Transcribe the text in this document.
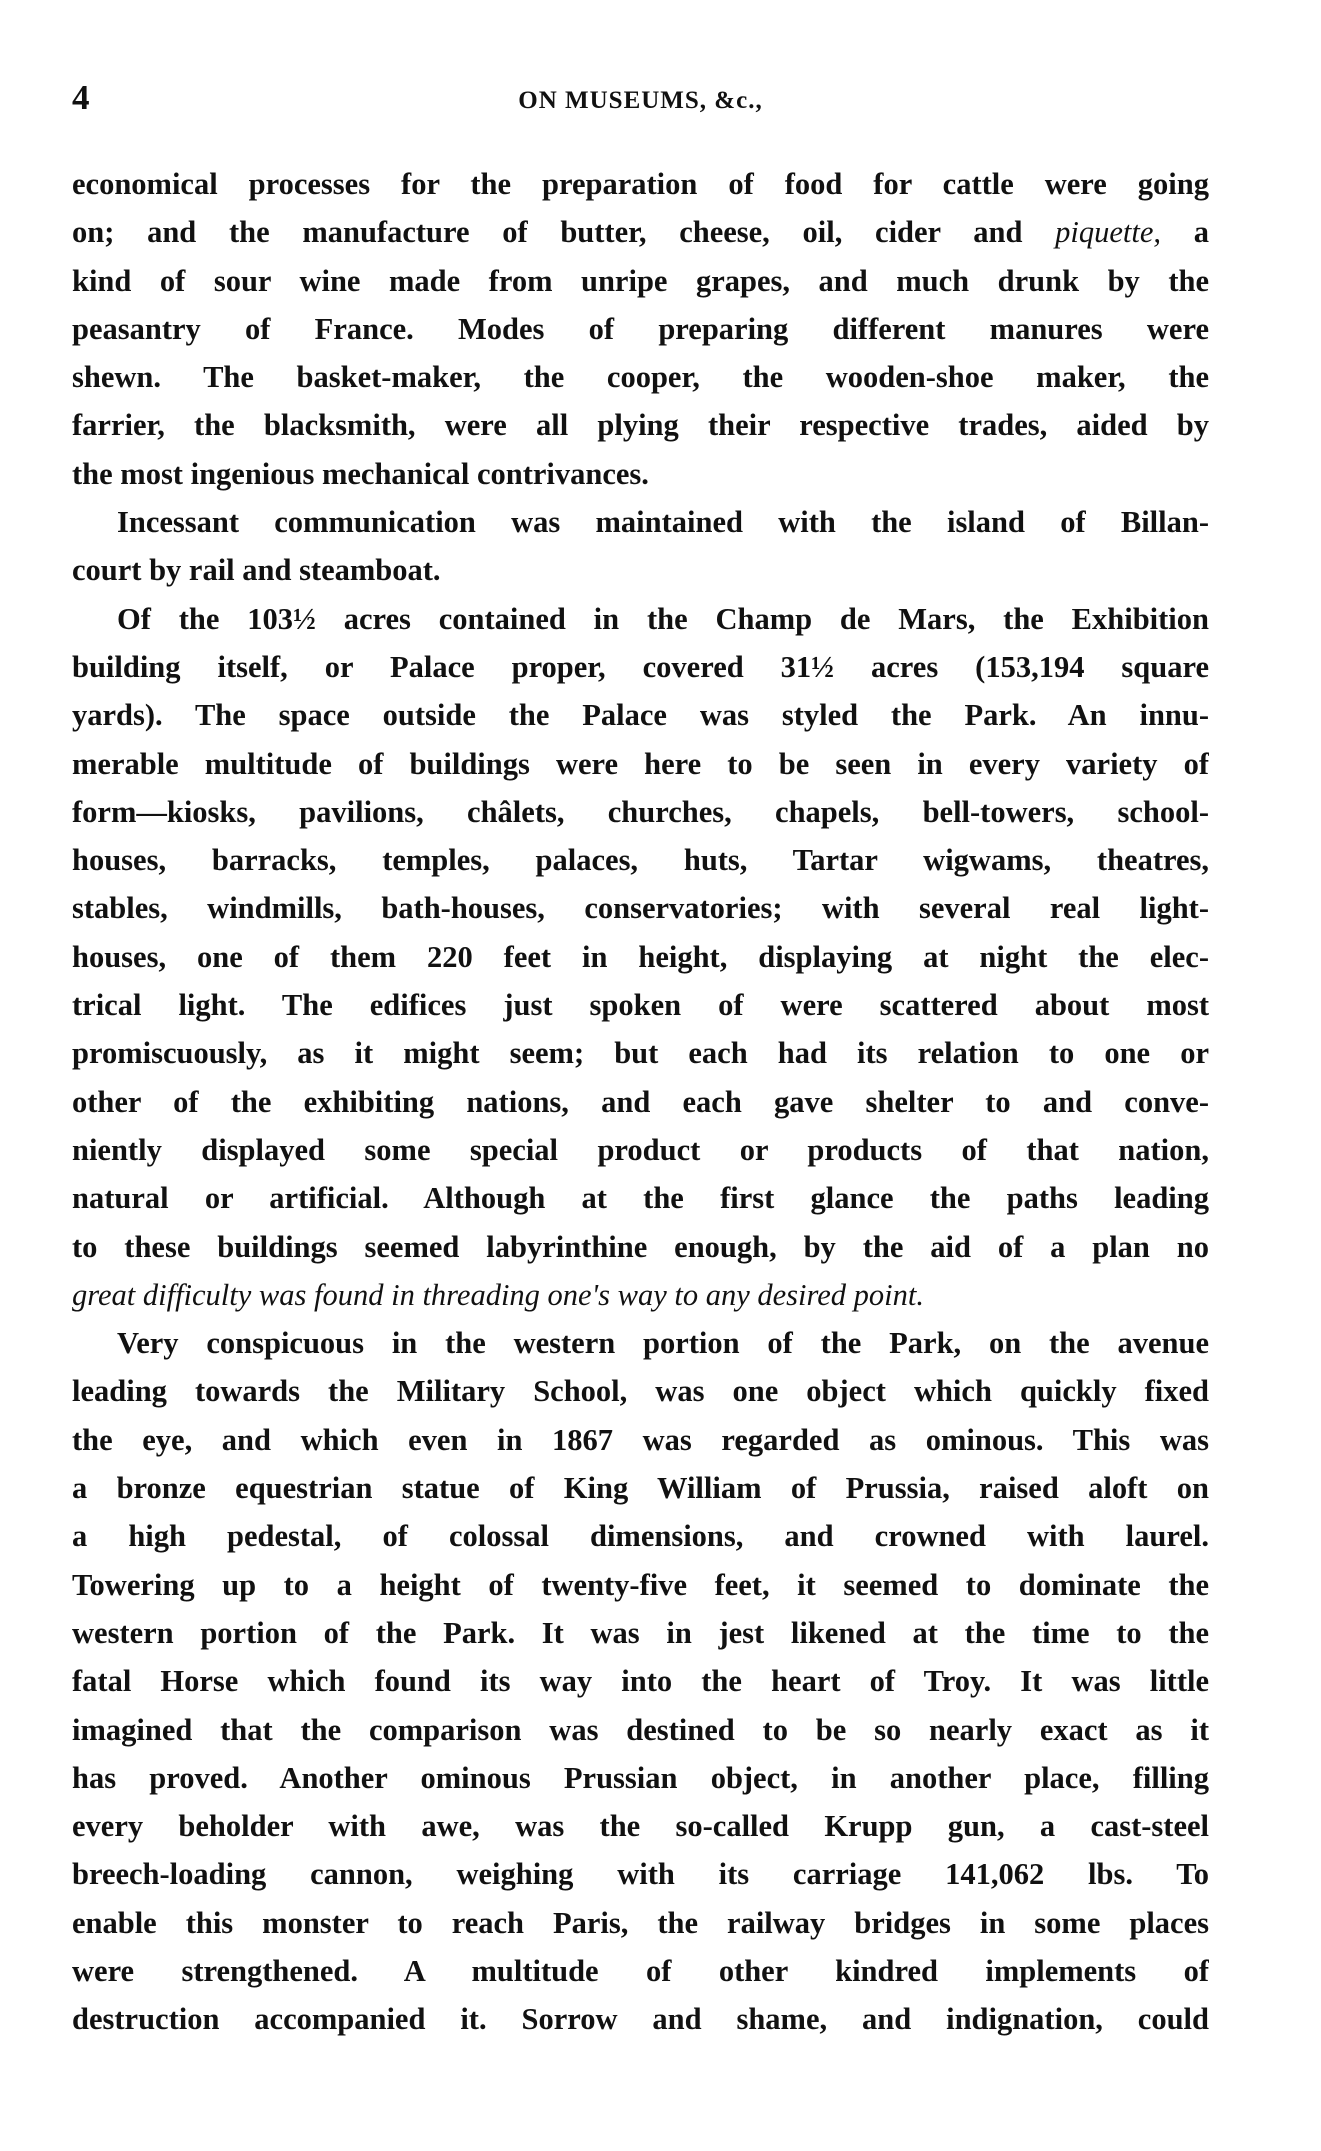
4	ON MUSEUMS, &c.,
economical processes for the preparation of food for cattle were going
on; and the manufacture of butter, cheese, oil, cider and piquette, a
kind of sour wine made from unripe grapes, and much drunk by the
peasantry of France. Modes of preparing different manures were
shewn. The basket-maker, the cooper, the wooden-shoe maker, the
farrier, the blacksmith, were all plying their respective trades, aided by
the most ingenious mechanical contrivances.
Incessant communication was maintained with the island of Billan-
court by rail and steamboat.
Of the 103½ acres contained in the Champ de Mars, the Exhibition
building itself, or Palace proper, covered 31½ acres (153,194 square
yards). The space outside the Palace was styled the Park. An innu-
merable multitude of buildings were here to be seen in every variety of
form—kiosks, pavilions, châlets, churches, chapels, bell-towers, school-
houses, barracks, temples, palaces, huts, Tartar wigwams, theatres,
stables, windmills, bath-houses, conservatories; with several real light-
houses, one of them 220 feet in height, displaying at night the elec-
trical light. The edifices just spoken of were scattered about most
promiscuously, as it might seem; but each had its relation to one or
other of the exhibiting nations, and each gave shelter to and conve-
niently displayed some special product or products of that nation,
natural or artificial. Although at the first glance the paths leading
to these buildings seemed labyrinthine enough, by the aid of a plan no
great difficulty was found in threading one's way to any desired point.
Very conspicuous in the western portion of the Park, on the avenue
leading towards the Military School, was one object which quickly fixed
the eye, and which even in 1867 was regarded as ominous. This was
a bronze equestrian statue of King William of Prussia, raised aloft on
a high pedestal, of colossal dimensions, and crowned with laurel.
Towering up to a height of twenty-five feet, it seemed to dominate the
western portion of the Park. It was in jest likened at the time to the
fatal Horse which found its way into the heart of Troy. It was little
imagined that the comparison was destined to be so nearly exact as it
has proved. Another ominous Prussian object, in another place, filling
every beholder with awe, was the so-called Krupp gun, a cast-steel
breech-loading cannon, weighing with its carriage 141,062 lbs. To
enable this monster to reach Paris, the railway bridges in some places
were strengthened. A multitude of other kindred implements of
destruction accompanied it. Sorrow and shame, and indignation, could
